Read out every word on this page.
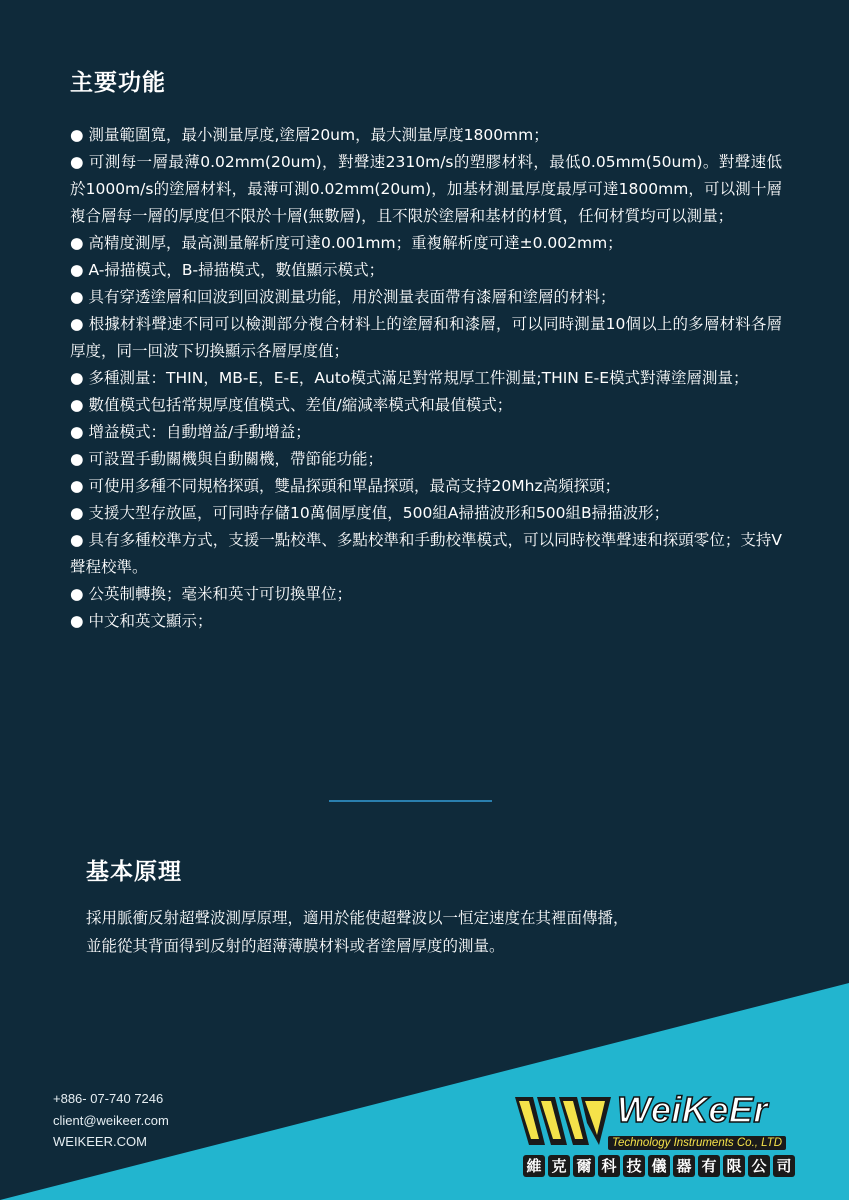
主要功能
● 測量範圍寬，最小測量厚度,塗層20um，最大測量厚度1800mm；
● 可測每一層最薄0.02mm(20um)，對聲速2310m/s的塑膠材料，最低0.05mm(50um)。對聲速低於1000m/s的塗層材料，最薄可測0.02mm(20um)，加基材測量厚度最厚可達1800mm，可以測十層複合層每一層的厚度但不限於十層(無數層)，且不限於塗層和基材的材質，任何材質均可以測量；
● 高精度測厚，最高測量解析度可達0.001mm；重複解析度可達±0.002mm；
● A-掃描模式，B-掃描模式，數值顯示模式；
● 具有穿透塗層和回波到回波測量功能，用於測量表面帶有漆層和塗層的材料；
● 根據材料聲速不同可以檢測部分複合材料上的塗層和和漆層，可以同時測量10個以上的多層材料各層厚度，同一回波下切換顯示各層厚度值；
● 多種測量：THIN，MB-E，E-E，Auto模式滿足對常規厚工件測量;THIN E-E模式對薄塗層測量；
● 數值模式包括常規厚度值模式、差值/縮減率模式和最值模式；
● 增益模式：自動增益/手動增益；
● 可設置手動關機與自動關機，帶節能功能；
● 可使用多種不同規格探頭，雙晶探頭和單晶探頭，最高支持20Mhz高頻探頭；
● 支援大型存放區，可同時存儲10萬個厚度值，500組A掃描波形和500組B掃描波形；
● 具有多種校準方式，支援一點校準、多點校準和手動校準模式，可以同時校準聲速和探頭零位；支持V聲程校準。
● 公英制轉換；毫米和英寸可切換單位；
● 中文和英文顯示；
基本原理

採用脈衝反射超聲波測厚原理，適用於能使超聲波以一恒定速度在其裡面傳播，

並能從其背面得到反射的超薄薄膜材料或者塗層厚度的測量。

+886- 07-740 7246
client@weikeer.com
WEIKEER.COM
WeiKeEr
Technology Instruments Co., LTD
維 克 爾 科 技 儀 器 有 限 公 司
